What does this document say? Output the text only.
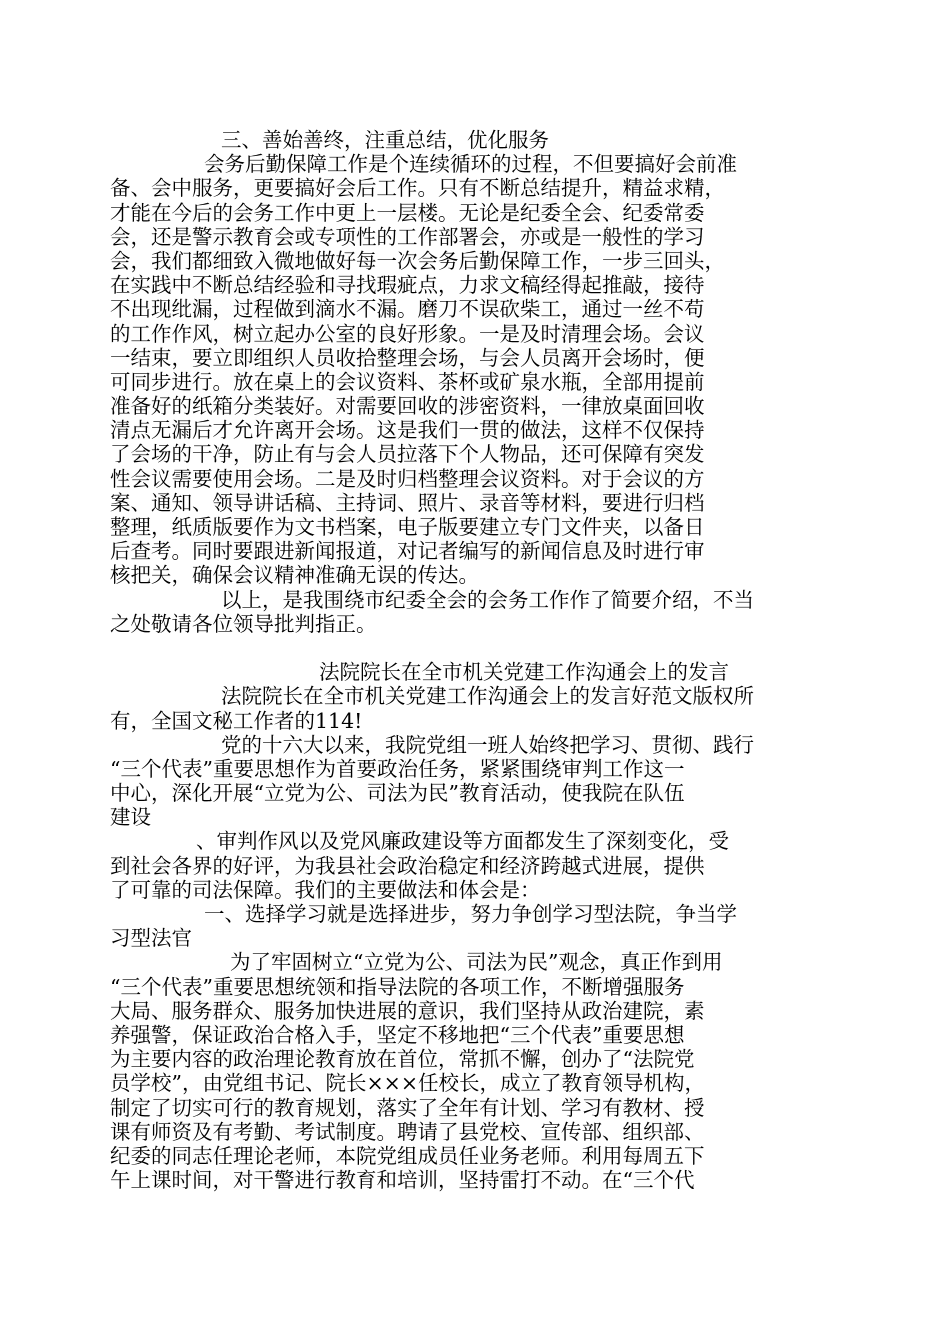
三、善始善终，注重总结，优化服务
会务后勤保障工作是个连续循环的过程，不但要搞好会前准
备、会中服务，更要搞好会后工作。只有不断总结提升，精益求精，
才能在今后的会务工作中更上一层楼。无论是纪委全会、纪委常委
会，还是警示教育会或专项性的工作部署会，亦或是一般性的学习
会，我们都细致入微地做好每一次会务后勤保障工作，一步三回头，
在实践中不断总结经验和寻找瑕疵点，力求文稿经得起推敲，接待
不出现纰漏，过程做到滴水不漏。磨刀不误砍柴工，通过一丝不苟
的工作作风，树立起办公室的良好形象。一是及时清理会场。会议
一结束，要立即组织人员收拾整理会场，与会人员离开会场时，便
可同步进行。放在桌上的会议资料、茶杯或矿泉水瓶，全部用提前
准备好的纸箱分类装好。对需要回收的涉密资料，一律放桌面回收
清点无漏后才允许离开会场。这是我们一贯的做法，这样不仅保持
了会场的干净，防止有与会人员拉落下个人物品，还可保障有突发
性会议需要使用会场。二是及时归档整理会议资料。对于会议的方
案、通知、领导讲话稿、主持词、照片、录音等材料，要进行归档
整理，纸质版要作为文书档案，电子版要建立专门文件夹，以备日
后查考。同时要跟进新闻报道，对记者编写的新闻信息及时进行审
核把关，确保会议精神准确无误的传达。
以上，是我围绕市纪委全会的会务工作作了简要介绍，不当
之处敬请各位领导批判指正。
法院院长在全市机关党建工作沟通会上的发言
法院院长在全市机关党建工作沟通会上的发言好范文版权所
有，全国文秘工作者的114!
党的十六大以来，我院党组一班人始终把学习、贯彻、践行
“三个代表”重要思想作为首要政治任务，紧紧围绕审判工作这一
中心，深化开展“立党为公、司法为民”教育活动，使我院在队伍
建设
、审判作风以及党风廉政建设等方面都发生了深刻变化，受
到社会各界的好评，为我县社会政治稳定和经济跨越式进展，提供
了可靠的司法保障。我们的主要做法和体会是：
一、选择学习就是选择进步，努力争创学习型法院，争当学
习型法官
为了牢固树立“立党为公、司法为民”观念，真正作到用
“三个代表”重要思想统领和指导法院的各项工作，不断增强服务
大局、服务群众、服务加快进展的意识，我们坚持从政治建院，素
养强警，保证政治合格入手，坚定不移地把“三个代表”重要思想
为主要内容的政治理论教育放在首位，常抓不懈，创办了“法院党
员学校”，由党组书记、院长×××任校长，成立了教育领导机构，
制定了切实可行的教育规划，落实了全年有计划、学习有教材、授
课有师资及有考勤、考试制度。聘请了县党校、宣传部、组织部、
纪委的同志任理论老师，本院党组成员任业务老师。利用每周五下
午上课时间，对干警进行教育和培训，坚持雷打不动。在“三个代
